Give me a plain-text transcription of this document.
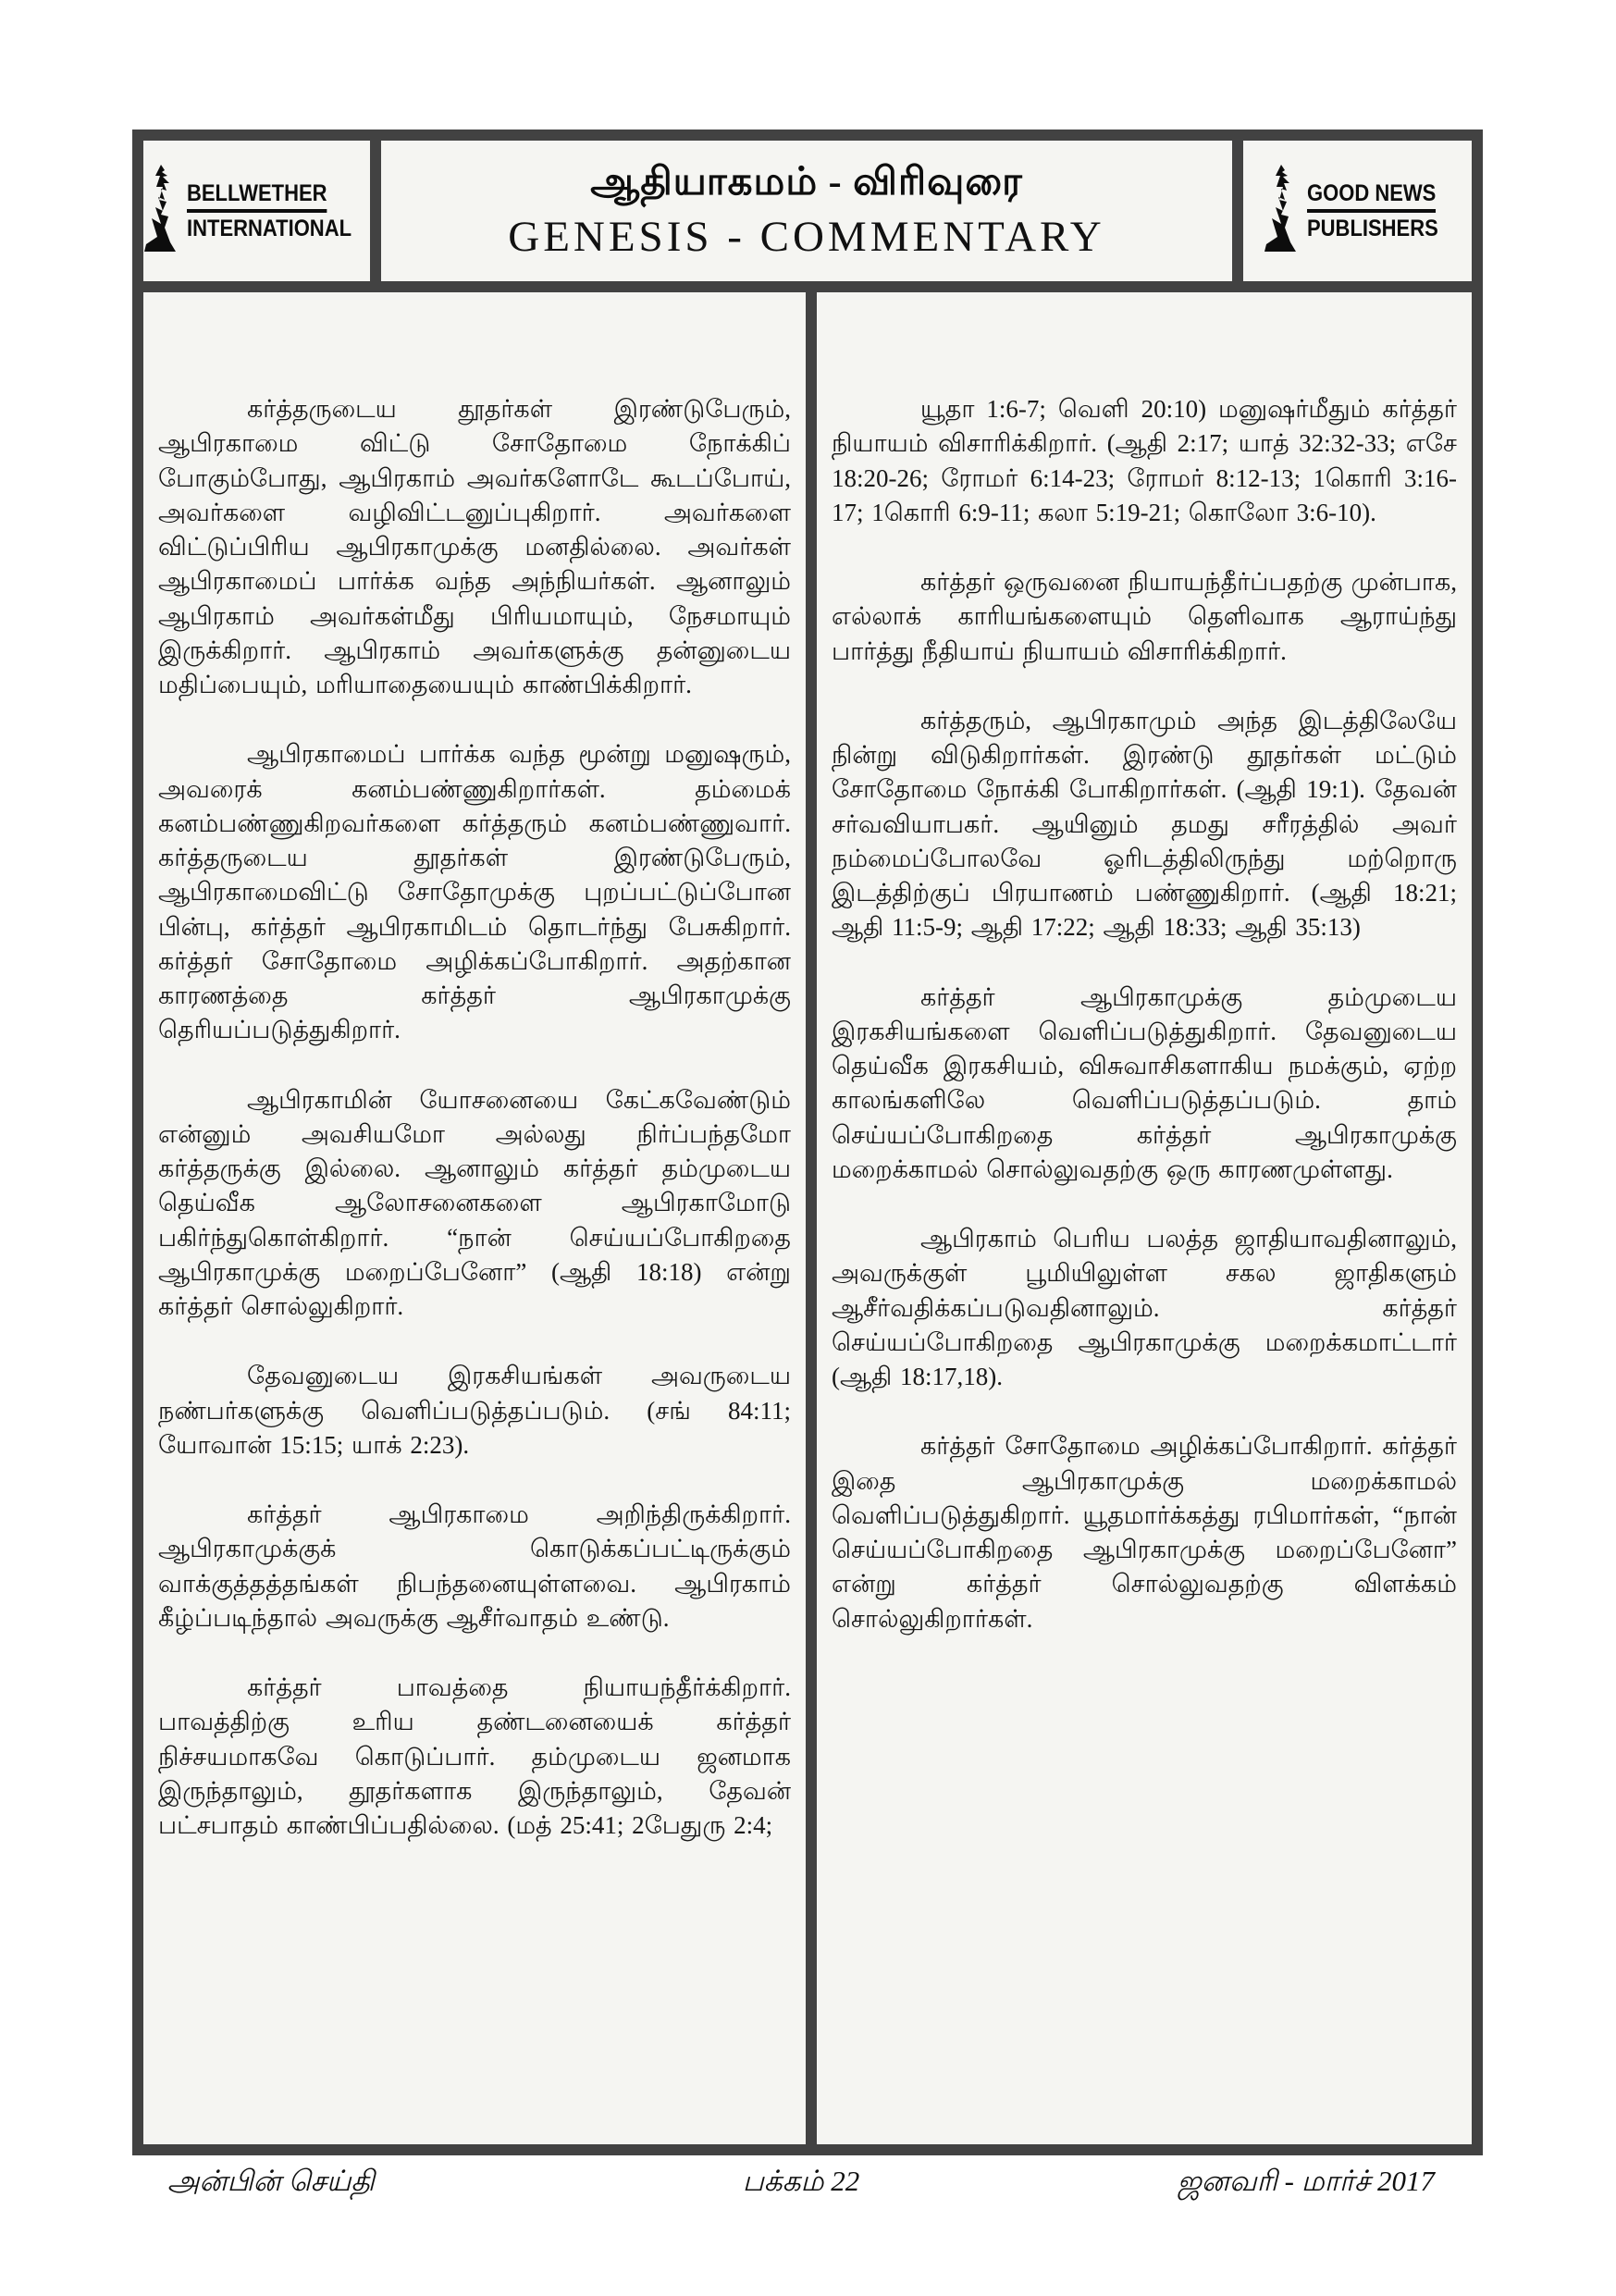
BELLWETHER
INTERNATIONAL
ஆதியாகமம் - விரிவுரை
GENESIS - COMMENTARY
GOOD NEWS
PUBLISHERS

கர்த்தருடைய தூதர்கள் இரண்டுபேரும், ஆபிரகாமை விட்டு சோதோமை நோக்கிப் போகும்போது, ஆபிரகாம் அவர்களோடே கூடப்போய், அவர்களை வழிவிட்டனுப்புகிறார். அவர்களை விட்டுப்பிரிய ஆபிரகாமுக்கு மனதில்லை. அவர்கள் ஆபிரகாமைப் பார்க்க வந்த அந்நியர்கள். ஆனாலும் ஆபிரகாம் அவர்கள்மீது பிரியமாயும், நேசமாயும் இருக்கிறார். ஆபிரகாம் அவர்களுக்கு தன்னுடைய மதிப்பையும், மரியாதையையும் காண்பிக்கிறார்.

ஆபிரகாமைப் பார்க்க வந்த மூன்று மனுஷரும், அவரைக் கனம்பண்ணுகிறார்கள். தம்மைக் கனம்பண்ணுகிறவர்களை கர்த்தரும் கனம்பண்ணுவார். கர்த்தருடைய தூதர்கள் இரண்டுபேரும், ஆபிரகாமைவிட்டு சோதோமுக்கு புறப்பட்டுப்போன பின்பு, கர்த்தர் ஆபிரகாமிடம் தொடர்ந்து பேசுகிறார். கர்த்தர் சோதோமை அழிக்கப்போகிறார். அதற்கான காரணத்தை கர்த்தர் ஆபிரகாமுக்கு தெரியப்படுத்துகிறார்.

ஆபிரகாமின் யோசனையை கேட்கவேண்டும் என்னும் அவசியமோ அல்லது நிர்ப்பந்தமோ கர்த்தருக்கு இல்லை. ஆனாலும் கர்த்தர் தம்முடைய தெய்வீக ஆலோசனைகளை ஆபிரகாமோடு பகிர்ந்துகொள்கிறார். “நான் செய்யப்போகிறதை ஆபிரகாமுக்கு மறைப்பேனோ” (ஆதி 18:18) என்று கர்த்தர் சொல்லுகிறார்.

தேவனுடைய இரகசியங்கள் அவருடைய நண்பர்களுக்கு வெளிப்படுத்தப்படும். (சங் 84:11; யோவான் 15:15; யாக் 2:23).

கர்த்தர் ஆபிரகாமை அறிந்திருக்கிறார். ஆபிரகாமுக்குக் கொடுக்கப்பட்டிருக்கும் வாக்குத்தத்தங்கள் நிபந்தனையுள்ளவை. ஆபிரகாம் கீழ்ப்படிந்தால் அவருக்கு ஆசீர்வாதம் உண்டு.

கர்த்தர் பாவத்தை நியாயந்தீர்க்கிறார். பாவத்திற்கு உரிய தண்டனையைக் கர்த்தர் நிச்சயமாகவே கொடுப்பார். தம்முடைய ஜனமாக இருந்தாலும், தூதர்களாக இருந்தாலும், தேவன் பட்சபாதம் காண்பிப்பதில்லை. (மத் 25:41; 2பேதுரு 2:4;

யூதா 1:6-7; வெளி 20:10) மனுஷர்மீதும் கர்த்தர் நியாயம் விசாரிக்கிறார். (ஆதி 2:17; யாத் 32:32-33; எசே 18:20-26; ரோமர் 6:14-23; ரோமர் 8:12-13; 1கொரி 3:16-17; 1கொரி 6:9-11; கலா 5:19-21; கொலோ 3:6-10).

கர்த்தர் ஒருவனை நியாயந்தீர்ப்பதற்கு முன்பாக, எல்லாக் காரியங்களையும் தெளிவாக ஆராய்ந்து பார்த்து நீதியாய் நியாயம் விசாரிக்கிறார்.

கர்த்தரும், ஆபிரகாமும் அந்த இடத்திலேயே நின்று விடுகிறார்கள். இரண்டு தூதர்கள் மட்டும் சோதோமை நோக்கி போகிறார்கள். (ஆதி 19:1). தேவன் சர்வவியாபகர். ஆயினும் தமது சரீரத்தில் அவர் நம்மைப்போலவே ஓரிடத்திலிருந்து மற்றொரு இடத்திற்குப் பிரயாணம் பண்ணுகிறார். (ஆதி 18:21; ஆதி 11:5-9; ஆதி 17:22; ஆதி 18:33; ஆதி 35:13)

கர்த்தர் ஆபிரகாமுக்கு தம்முடைய இரகசியங்களை வெளிப்படுத்துகிறார். தேவனுடைய தெய்வீக இரகசியம், விசுவாசிகளாகிய நமக்கும், ஏற்ற காலங்களிலே வெளிப்படுத்தப்படும். தாம் செய்யப்போகிறதை கர்த்தர் ஆபிரகாமுக்கு மறைக்காமல் சொல்லுவதற்கு ஒரு காரணமுள்ளது.

ஆபிரகாம் பெரிய பலத்த ஜாதியாவதினாலும், அவருக்குள் பூமியிலுள்ள சகல ஜாதிகளும் ஆசீர்வதிக்கப்படுவதினாலும். கர்த்தர் செய்யப்போகிறதை ஆபிரகாமுக்கு மறைக்கமாட்டார் (ஆதி 18:17,18).

கர்த்தர் சோதோமை அழிக்கப்போகிறார். கர்த்தர் இதை ஆபிரகாமுக்கு மறைக்காமல் வெளிப்படுத்துகிறார். யூதமார்க்கத்து ரபிமார்கள், “நான் செய்யப்போகிறதை ஆபிரகாமுக்கு மறைப்பேனோ” என்று கர்த்தர் சொல்லுவதற்கு விளக்கம் சொல்லுகிறார்கள்.

அன்பின் செய்தி	பக்கம் 22	ஜனவரி - மார்ச் 2017
